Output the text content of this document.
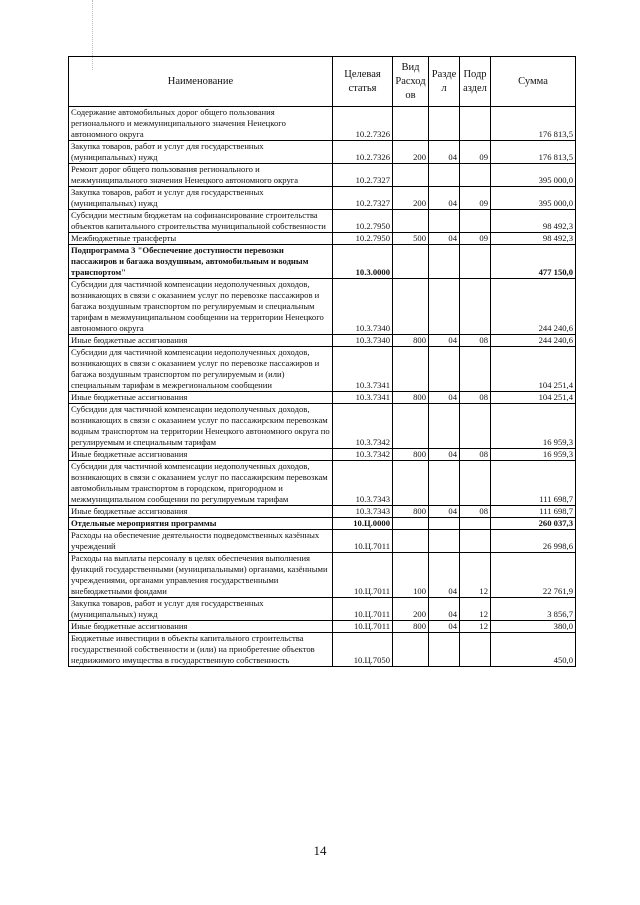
Наименование	Целевая статья	Вид Расход ов	Разде л	Подр аздел	Сумма
Содержание автомобильных дорог общего пользования регионального и межмуниципального значения Ненецкого автономного округа	10.2.7326				176 813,5
Закупка товаров, работ и услуг для государственных (муниципальных) нужд	10.2.7326	200	04	09	176 813,5
Ремонт дорог общего пользования регионального и межмуниципального значения Ненецкого автономного округа	10.2.7327				395 000,0
Закупка товаров, работ и услуг для государственных (муниципальных) нужд	10.2.7327	200	04	09	395 000,0
Субсидии местным бюджетам на софинансирование строительства объектов капитального строительства муниципальной собственности	10.2.7950				98 492,3
Межбюджетные трансферты	10.2.7950	500	04	09	98 492,3
Подпрограмма 3 "Обеспечение доступности перевозки пассажиров и багажа воздушным, автомобильным и водным транспортом"	10.3.0000				477 150,0
Субсидии для частичной компенсации недополученных доходов, возникающих в связи с оказанием услуг по перевозке пассажиров и багажа воздушным транспортом по регулируемым и специальным тарифам в межмуниципальном сообщении на территории Ненецкого автономного округа	10.3.7340				244 240,6
Иные бюджетные ассигнования	10.3.7340	800	04	08	244 240,6
Субсидии для частичной компенсации недополученных доходов, возникающих в связи с оказанием услуг по перевозке пассажиров и багажа воздушным транспортом по регулируемым и (или) специальным тарифам в межрегиональном сообщении	10.3.7341				104 251,4
Иные бюджетные ассигнования	10.3.7341	800	04	08	104 251,4
Субсидии для частичной компенсации недополученных доходов, возникающих в связи с оказанием услуг по пассажирским перевозкам водным транспортом на территории Ненецкого автономного округа по регулируемым и специальным тарифам	10.3.7342				16 959,3
Иные бюджетные ассигнования	10.3.7342	800	04	08	16 959,3
Субсидии для частичной компенсации недополученных доходов, возникающих в связи с оказанием услуг по пассажирским перевозкам автомобильным транспортом в городском, пригородном и межмуниципальном сообщении по регулируемым тарифам	10.3.7343				111 698,7
Иные бюджетные ассигнования	10.3.7343	800	04	08	111 698,7
Отдельные мероприятия программы	10.Ц.0000				260 037,3
Расходы на обеспечение деятельности подведомственных казённых учреждений	10.Ц.7011				26 998,6
Расходы на выплаты персоналу в целях обеспечения выполнения функций государственными (муниципальными) органами, казёнными учреждениями, органами управления государственными внебюджетными фондами	10.Ц.7011	100	04	12	22 761,9
Закупка товаров, работ и услуг для государственных (муниципальных) нужд	10.Ц.7011	200	04	12	3 856,7
Иные бюджетные ассигнования	10.Ц.7011	800	04	12	380,0
Бюджетные инвестиции в объекты капитального строительства государственной собственности и (или) на приобретение объектов недвижимого имущества в государственную собственность	10.Ц.7050				450,0
14
